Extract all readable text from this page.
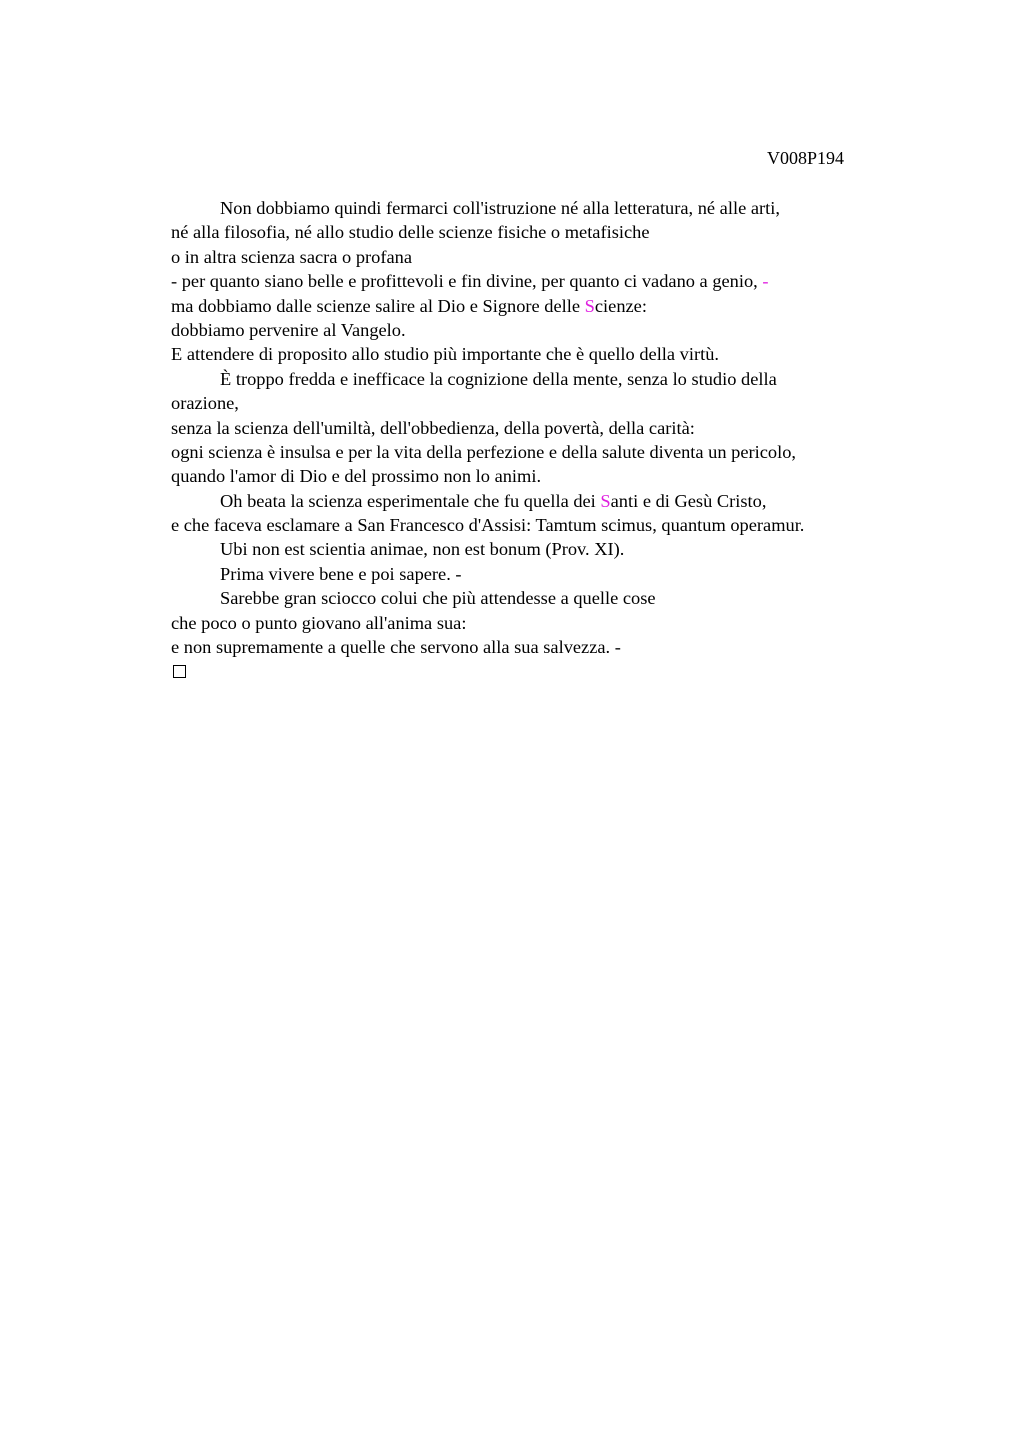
V008P194
Non dobbiamo quindi fermarci coll'istruzione né alla letteratura, né alle arti,
né alla filosofia, né allo studio delle scienze fisiche o metafisiche
o in altra scienza sacra o profana
- per quanto siano belle e profittevoli e fin divine, per quanto ci vadano a genio, -
ma dobbiamo dalle scienze salire al Dio e Signore delle Scienze:
dobbiamo pervenire al Vangelo.
E attendere di proposito allo studio più importante che è quello della virtù.
È troppo fredda e inefficace la cognizione della mente, senza lo studio della
orazione,
senza la scienza dell'umiltà, dell'obbedienza, della povertà, della carità:
ogni scienza è insulsa e per la vita della perfezione e della salute diventa un pericolo,
quando l'amor di Dio e del prossimo non lo animi.
Oh beata la scienza esperimentale che fu quella dei Santi e di Gesù Cristo,
e che faceva esclamare a San Francesco d'Assisi: Tamtum scimus, quantum operamur.
Ubi non est scientia animae, non est bonum (Prov. XI).
Prima vivere bene e poi sapere. -
Sarebbe gran sciocco colui che più attendesse a quelle cose
che poco o punto giovano all'anima sua:
e non supremamente a quelle che servono alla sua salvezza. -
